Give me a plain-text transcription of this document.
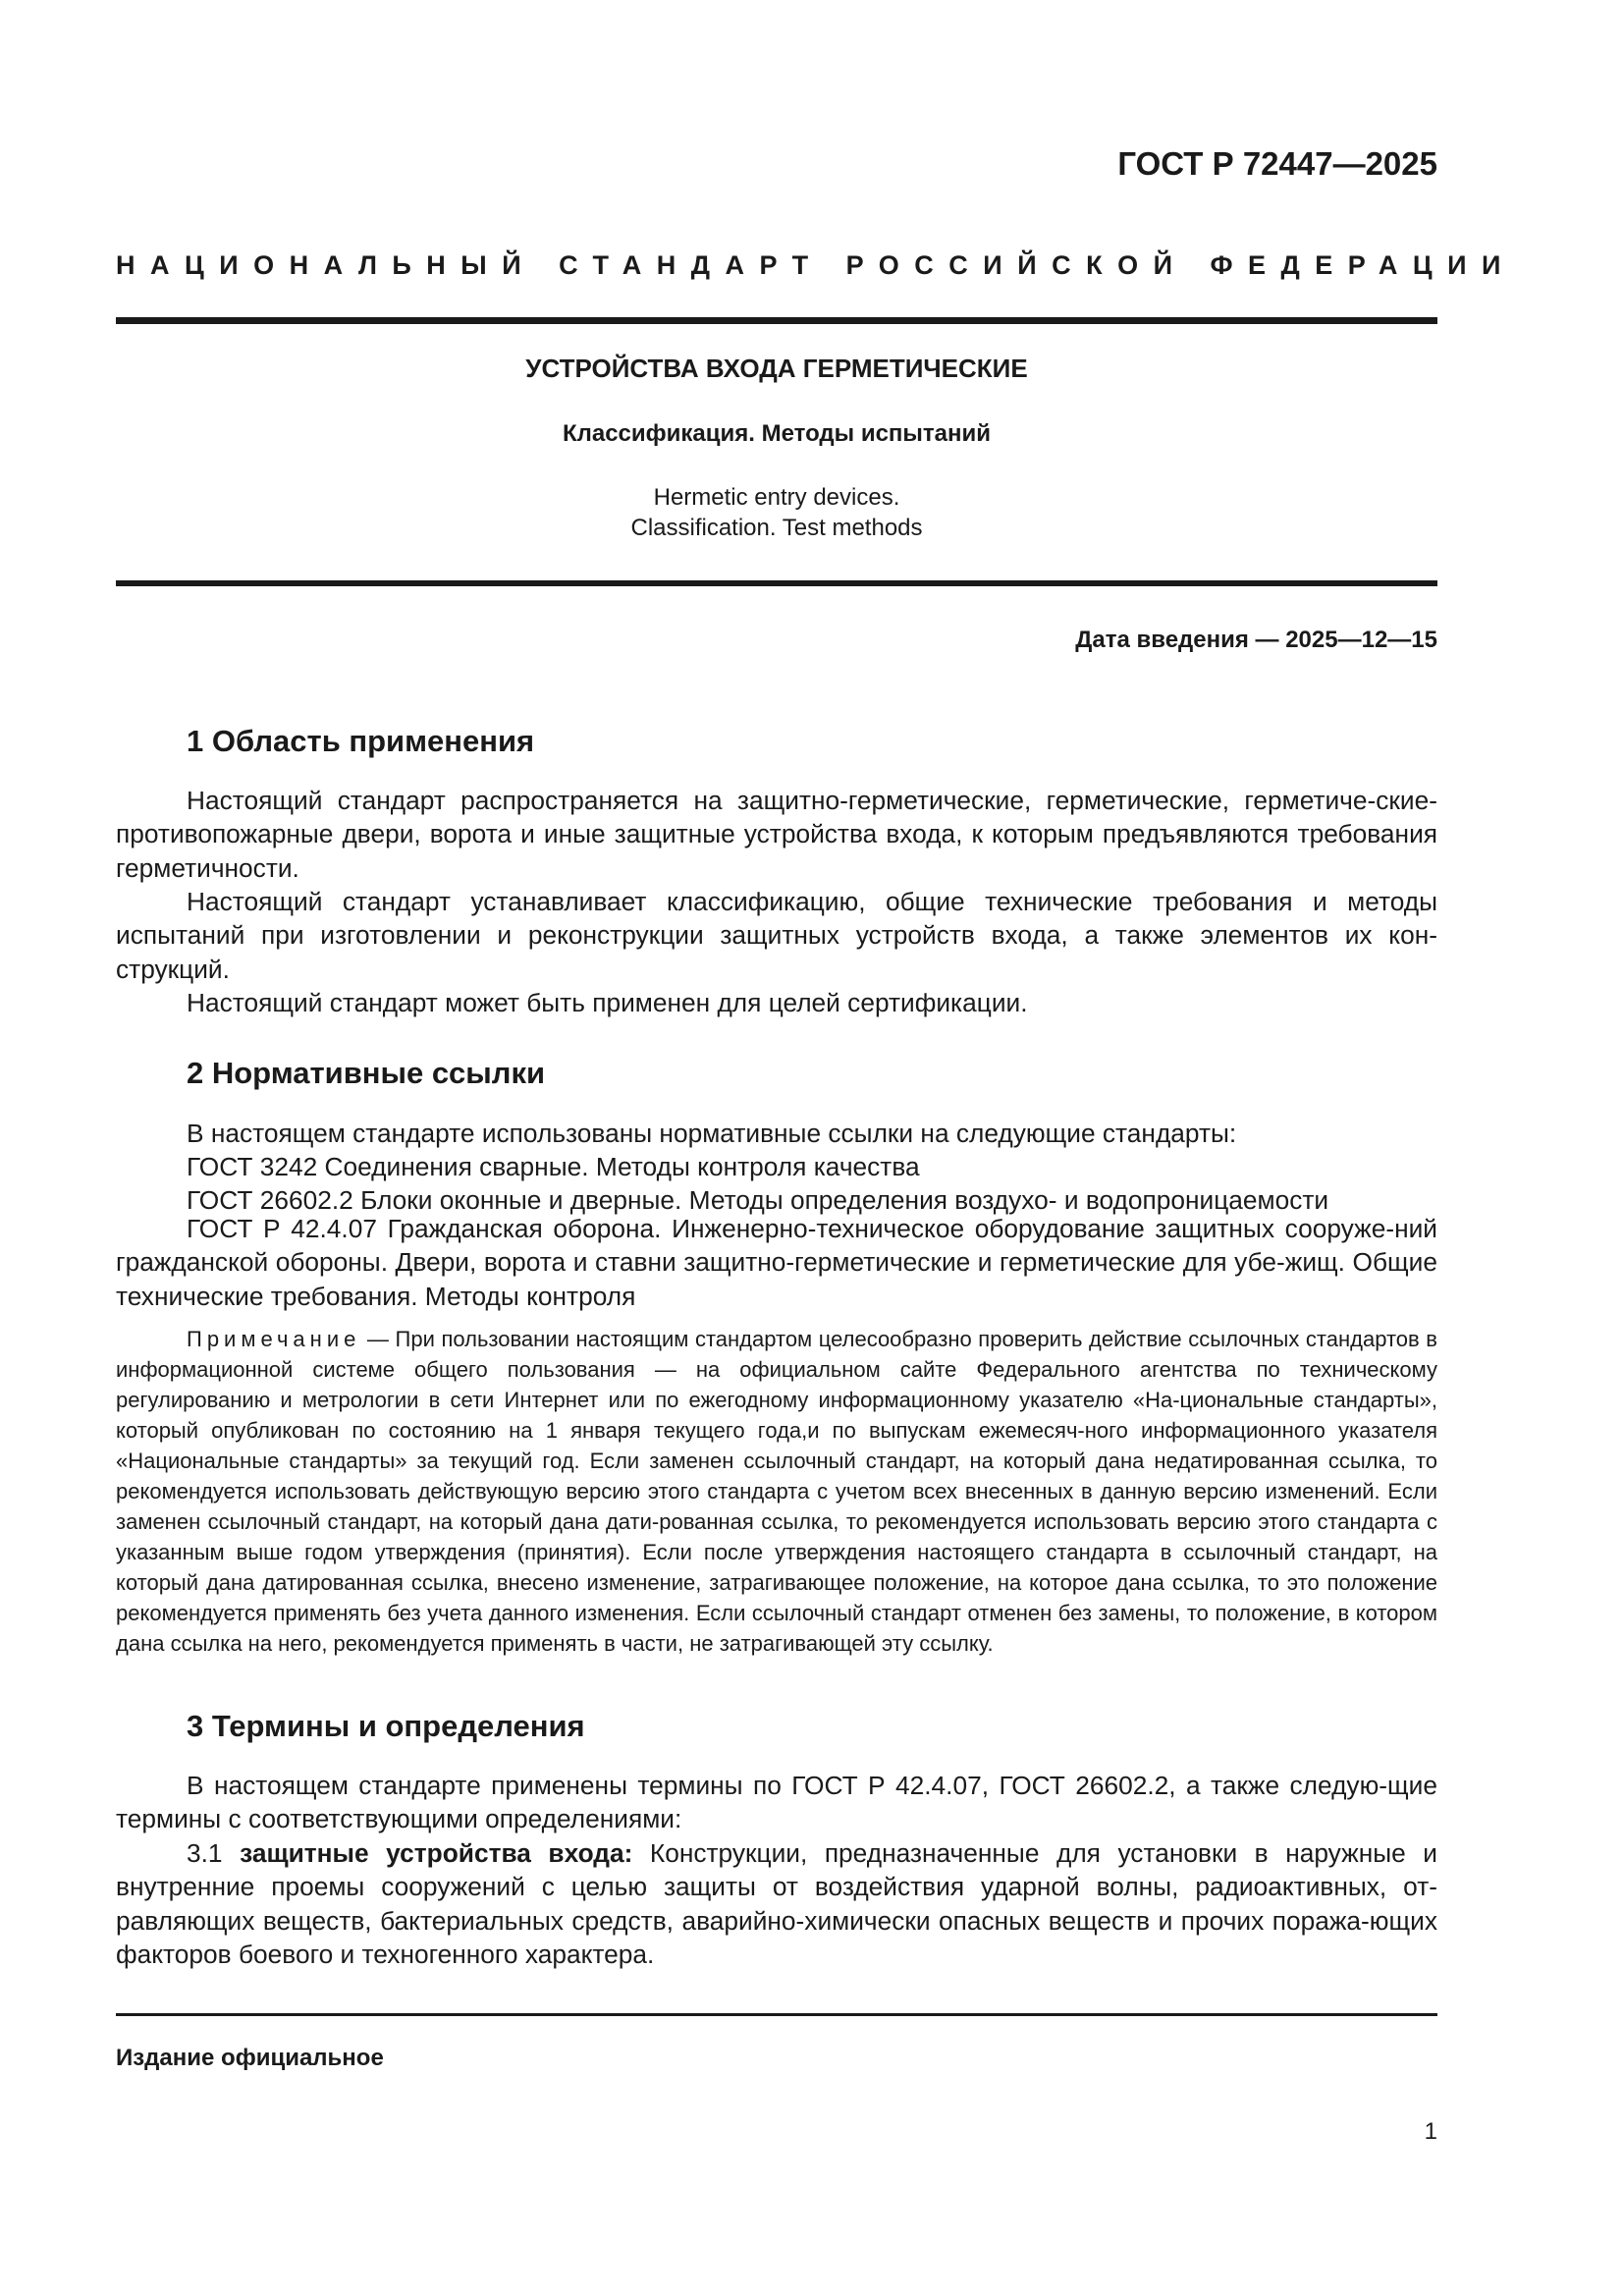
ГОСТ Р 72447—2025
НАЦИОНАЛЬНЫЙ СТАНДАРТ РОССИЙСКОЙ ФЕДЕРАЦИИ
УСТРОЙСТВА ВХОДА ГЕРМЕТИЧЕСКИЕ
Классификация. Методы испытаний
Hermetic entry devices.
Classification. Test methods
Дата введения — 2025—12—15
1 Область применения
Настоящий стандарт распространяется на защитно-герметические, герметические, герметиче-ские-противопожарные двери, ворота и иные защитные устройства входа, к которым предъявляются требования герметичности.
Настоящий стандарт устанавливает классификацию, общие технические требования и методы испытаний при изготовлении и реконструкции защитных устройств входа, а также элементов их кон-струкций.
Настоящий стандарт может быть применен для целей сертификации.
2 Нормативные ссылки
В настоящем стандарте использованы нормативные ссылки на следующие стандарты:
ГОСТ 3242 Соединения сварные. Методы контроля качества
ГОСТ 26602.2 Блоки оконные и дверные. Методы определения воздухо- и водопроницаемости
ГОСТ Р 42.4.07 Гражданская оборона. Инженерно-техническое оборудование защитных сооруже-ний гражданской обороны. Двери, ворота и ставни защитно-герметические и герметические для убе-жищ. Общие технические требования. Методы контроля
Примечание — При пользовании настоящим стандартом целесообразно проверить действие ссылочных стандартов в информационной системе общего пользования — на официальном сайте Федерального агентства по техническому регулированию и метрологии в сети Интернет или по ежегодному информационному указателю «На-циональные стандарты», который опубликован по состоянию на 1 января текущего года,и по выпускам ежемесяч-ного информационного указателя «Национальные стандарты» за текущий год. Если заменен ссылочный стандарт, на который дана недатированная ссылка, то рекомендуется использовать действующую версию этого стандарта с учетом всех внесенных в данную версию изменений. Если заменен ссылочный стандарт, на который дана дати-рованная ссылка, то рекомендуется использовать версию этого стандарта с указанным выше годом утверждения (принятия). Если после утверждения настоящего стандарта в ссылочный стандарт, на который дана датированная ссылка, внесено изменение, затрагивающее положение, на которое дана ссылка, то это положение рекомендуется применять без учета данного изменения. Если ссылочный стандарт отменен без замены, то положение, в котором дана ссылка на него, рекомендуется применять в части, не затрагивающей эту ссылку.
3 Термины и определения
В настоящем стандарте применены термины по ГОСТ Р 42.4.07, ГОСТ 26602.2, а также следую-щие термины с соответствующими определениями:
3.1 защитные устройства входа: Конструкции, предназначенные для установки в наружные и внутренние проемы сооружений с целью защиты от воздействия ударной волны, радиоактивных, от-равляющих веществ, бактериальных средств, аварийно-химически опасных веществ и прочих поража-ющих факторов боевого и техногенного характера.
Издание официальное
1
